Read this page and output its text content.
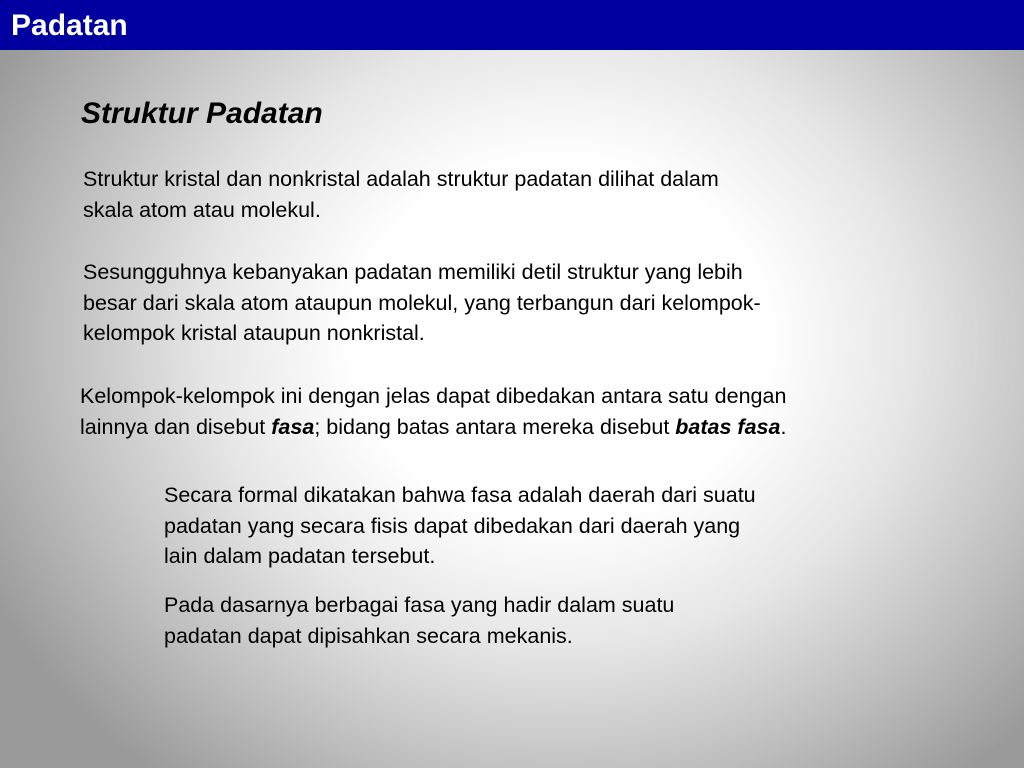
Padatan
Struktur Padatan
Struktur kristal dan nonkristal adalah struktur padatan dilihat dalam
skala atom atau molekul.
Sesungguhnya kebanyakan padatan memiliki detil struktur yang lebih
besar dari skala atom ataupun molekul, yang terbangun dari kelompok-
kelompok kristal ataupun nonkristal.
Kelompok-kelompok ini dengan jelas dapat dibedakan antara satu dengan
lainnya dan disebut fasa; bidang batas antara mereka disebut batas fasa.
Secara formal dikatakan bahwa fasa adalah daerah dari suatu
padatan yang secara fisis dapat dibedakan dari daerah yang
lain dalam padatan tersebut.
Pada dasarnya berbagai fasa yang hadir dalam suatu
padatan dapat dipisahkan secara mekanis.
